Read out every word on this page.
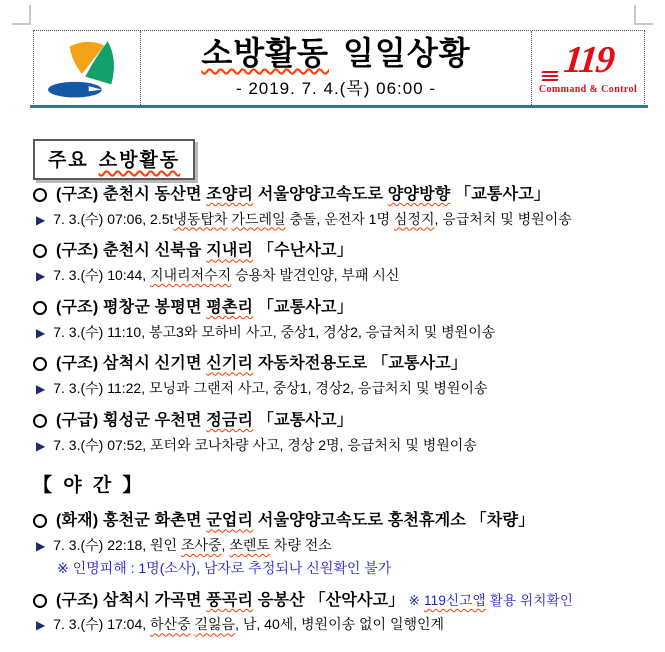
소방활동 일일상황
- 2019. 7. 4.(목) 06:00 -
119
Command & Control
주요 소방활동
(구조) 춘천시 동산면 조양리 서울양양고속도로 양양방향 「교통사고」
▶ 7. 3.(수) 07:06, 2.5t냉동탑차 가드레일 충돌, 운전자 1명 심정지, 응급처치 및 병원이송
(구조) 춘천시 신북읍 지내리 「수난사고」
▶ 7. 3.(수) 10:44, 지내리저수지 승용차 발견인양, 부패 시신
(구조) 평창군 봉평면 평촌리 「교통사고」
▶ 7. 3.(수) 11:10, 봉고3와 모하비 사고, 중상1, 경상2, 응급처치 및 병원이송
(구조) 삼척시 신기면 신기리 자동차전용도로 「교통사고」
▶ 7. 3.(수) 11:22, 모닝과 그랜저 사고, 중상1, 경상2, 응급처치 및 병원이송
(구급) 횡성군 우천면 정금리 「교통사고」
▶ 7. 3.(수) 07:52, 포터와 코나차량 사고, 경상 2명, 응급처치 및 병원이송
【 야 간 】
(화재) 홍천군 화촌면 군업리 서울양양고속도로 홍천휴게소 「차량」
▶ 7. 3.(수) 22:18, 원인 조사중, 쏘렌토 차량 전소
※ 인명피해 : 1명(소사), 남자로 추정되나 신원확인 불가
(구조) 삼척시 가곡면 풍곡리 응봉산 「산악사고」 ※ 119신고앱 활용 위치확인
▶ 7. 3.(수) 17:04, 하산중 길잃음, 남, 40세, 병원이송 없이 일행인계
